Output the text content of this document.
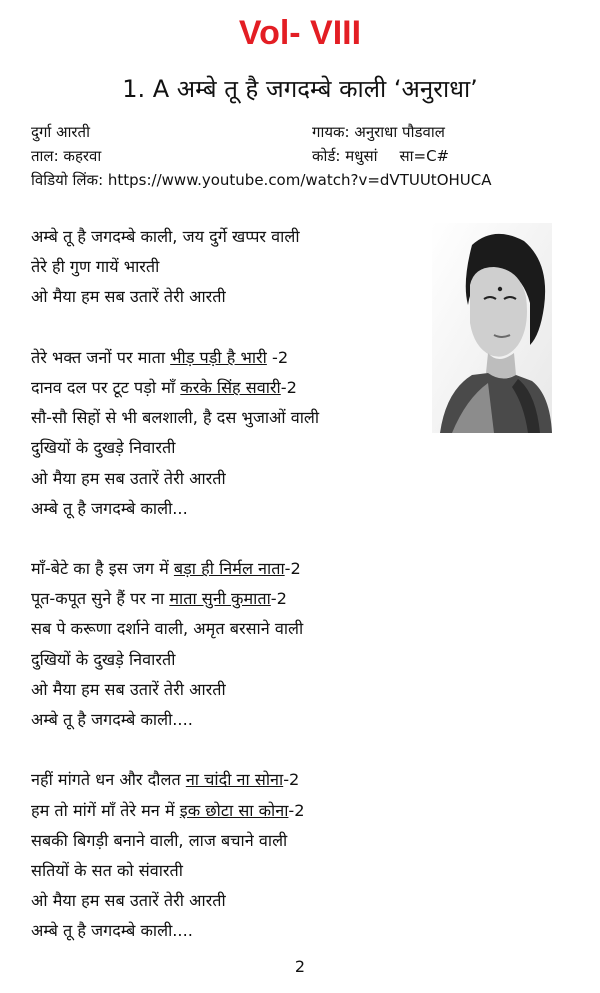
Vol- VIII
1. A अम्बे तू है जगदम्बे काली ‘अनुराधा’
दुर्गा आरती	गायक: अनुराधा पौडवाल
ताल: कहरवा	कोर्ड: मधुसां सा=C#
विडियो लिंक: https://www.youtube.com/watch?v=dVTUUtOHUCA
अम्बे तू है जगदम्बे काली, जय दुर्गे खप्पर वाली
तेरे ही गुण गायें भारती
ओ मैया हम सब उतारें तेरी आरती
तेरे भक्त जनों पर माता भीड़ पड़ी है भारी -2
दानव दल पर टूट पड़ो माँ करके सिंह सवारी-2
सौ-सौ सिहों से भी बलशाली, है दस भुजाओं वाली
दुखियों के दुखड़े निवारती
ओ मैया हम सब उतारें तेरी आरती
अम्बे तू है जगदम्बे काली...
माँ-बेटे का है इस जग में बड़ा ही निर्मल नाता-2
पूत-कपूत सुने हैं पर ना माता सुनी कुमाता-2
सब पे करूणा दर्शाने वाली, अमृत बरसाने वाली
दुखियों के दुखड़े निवारती
ओ मैया हम सब उतारें तेरी आरती
अम्बे तू है जगदम्बे काली....
नहीं मांगते धन और दौलत ना चांदी ना सोना-2
हम तो मांगें माँ तेरे मन में इक छोटा सा कोना-2
सबकी बिगड़ी बनाने वाली, लाज बचाने वाली
सतियों के सत को संवारती
ओ मैया हम सब उतारें तेरी आरती
अम्बे तू है जगदम्बे काली....
2
